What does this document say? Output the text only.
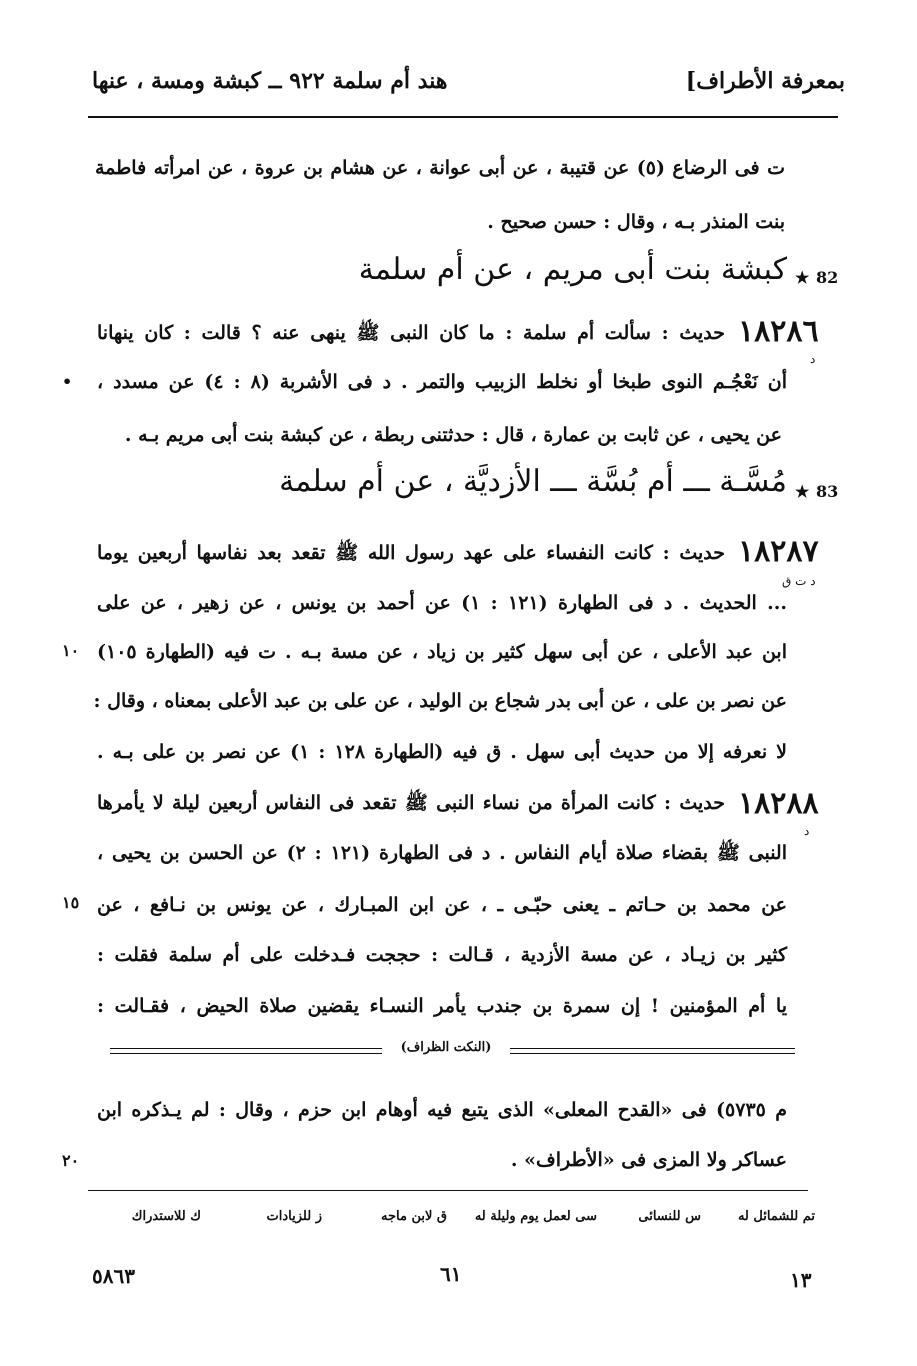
بمعرفة الأطراف]
هند أم سلمة ٩٢٢ ــ كبشة ومسة ، عنها
ت فى الرضاع (٥) عن قتيبة ، عن أبى عوانة ، عن هشام بن عروة ، عن امرأته فاطمة
بنت المنذر بـه ، وقال : حسن صحيح .
82
★
كبشة بنت أبى مريم ، عن أم سلمة
١٨٢٨٦
د
حديث : سألت أم سلمة : ما كان النبى ﷺ ينهى عنه ؟ قالت : كان ينهانا
أن نَعْجُـم النوى طبخا أو نخلط الزبيب والتمر . د فى الأشربة (٨ : ٤) عن مسدد ،
عن يحيى ، عن ثابت بن عمارة ، قال : حدثتنى ربطة ، عن كبشة بنت أبى مريم بـه .
•
83
★
مُسَّـة ـــ أم بُسَّة ـــ الأزديَّة ، عن أم سلمة
١٨٢٨٧
د ت ق
حديث : كانت النفساء على عهد رسول الله ﷺ تقعد بعد نفاسها أربعين يوما
... الحديث . د فى الطهارة (١٢١ : ١) عن أحمد بن يونس ، عن زهير ، عن على
ابن عبد الأعلى ، عن أبى سهل كثير بن زياد ، عن مسة بـه . ت فيه (الطهارة ١٠٥)
عن نصر بن على ، عن أبى بدر شجاع بن الوليد ، عن على بن عبد الأعلى بمعناه ، وقال :
لا نعرفه إلا من حديث أبى سهل . ق فيه (الطهارة ١٢٨ : ١) عن نصر بن على بـه .
١٠
١٨٢٨٨
د
حديث : كانت المرأة من نساء النبى ﷺ تقعد فى النفاس أربعين ليلة لا يأمرها
النبى ﷺ بقضاء صلاة أيام النفاس . د فى الطهارة (١٢١ : ٢) عن الحسن بن يحيى ،
عن محمد بن حـاتم ـ يعنى حبّـى ـ ، عن ابن المبـارك ، عن يونس بن نـافع ، عن
كثير بن زيـاد ، عن مسة الأزدية ، قـالت : حججت فـدخلت على أم سلمة فقلت :
يا أم المؤمنين ! إن سمرة بن جندب يأمر النسـاء يقضين صلاة الحيض ، فقـالت :
١٥
(النكت الظراف)
م ٥٧٣٥) فى «القدح المعلى» الذى يتبع فيه أوهام ابن حزم ، وقال : لم يـذكره ابن
عساكر ولا المزى فى «الأطراف» .
٢٠
تم للشمائل له
س للنسائى
سى لعمل يوم وليلة له
ق لابن ماجه
ز للزيادات
ك للاستدراك
٥٨٦٣	٦١	١٣
